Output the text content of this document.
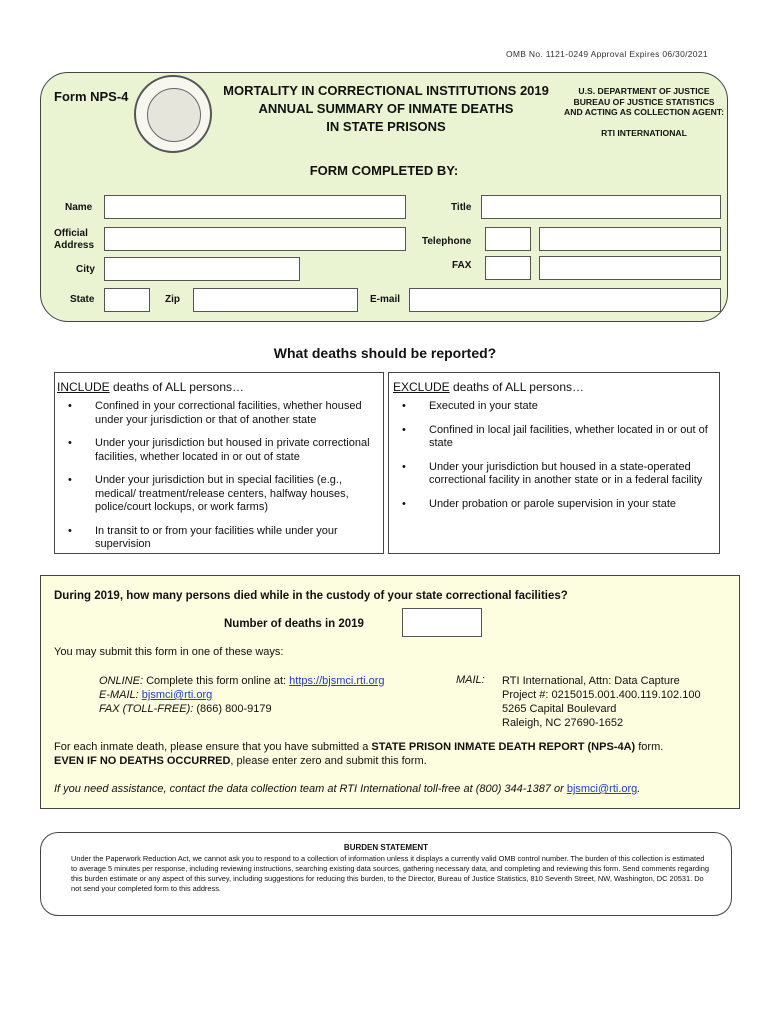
OMB No. 1121-0249 Approval Expires 06/30/2021
Form NPS-4	MORTALITY IN CORRECTIONAL INSTITUTIONS 2019
ANNUAL SUMMARY OF INMATE DEATHS
IN STATE PRISONS
U.S. DEPARTMENT OF JUSTICE
BUREAU OF JUSTICE STATISTICS
AND ACTING AS COLLECTION AGENT:
RTI INTERNATIONAL
FORM COMPLETED BY:
Name	Title
Official
Address	Telephone
City	FAX
State	Zip	E-mail
What deaths should be reported?
INCLUDE deaths of ALL persons…
• Confined in your correctional facilities, whether housed under your jurisdiction or that of another state
• Under your jurisdiction but housed in private correctional facilities, whether located in or out of state
• Under your jurisdiction but in special facilities (e.g., medical/ treatment/release centers, halfway houses, police/court lockups, or work farms)
• In transit to or from your facilities while under your supervision
EXCLUDE deaths of ALL persons…
• Executed in your state
• Confined in local jail facilities, whether located in or out of state
• Under your jurisdiction but housed in a state-operated correctional facility in another state or in a federal facility
• Under probation or parole supervision in your state
During 2019, how many persons died while in the custody of your state correctional facilities?
Number of deaths in 2019
You may submit this form in one of these ways:
ONLINE: Complete this form online at: https://bjsmci.rti.org
E-MAIL: bjsmci@rti.org
FAX (TOLL-FREE): (866) 800-9179
MAIL: RTI International, Attn: Data Capture
Project #: 0215015.001.400.119.102.100
5265 Capital Boulevard
Raleigh, NC 27690-1652
For each inmate death, please ensure that you have submitted a STATE PRISON INMATE DEATH REPORT (NPS-4A) form.
EVEN IF NO DEATHS OCCURRED, please enter zero and submit this form.
If you need assistance, contact the data collection team at RTI International toll-free at (800) 344-1387 or bjsmci@rti.org.
BURDEN STATEMENT
Under the Paperwork Reduction Act, we cannot ask you to respond to a collection of information unless it displays a currently valid OMB control number. The burden of this collection is estimated to average 5 minutes per response, including reviewing instructions, searching existing data sources, gathering necessary data, and completing and reviewing this form. Send comments regarding this burden estimate or any aspect of this survey, including suggestions for reducing this burden, to the Director, Bureau of Justice Statistics, 810 Seventh Street, NW, Washington, DC 20531. Do not send your completed form to this address.
